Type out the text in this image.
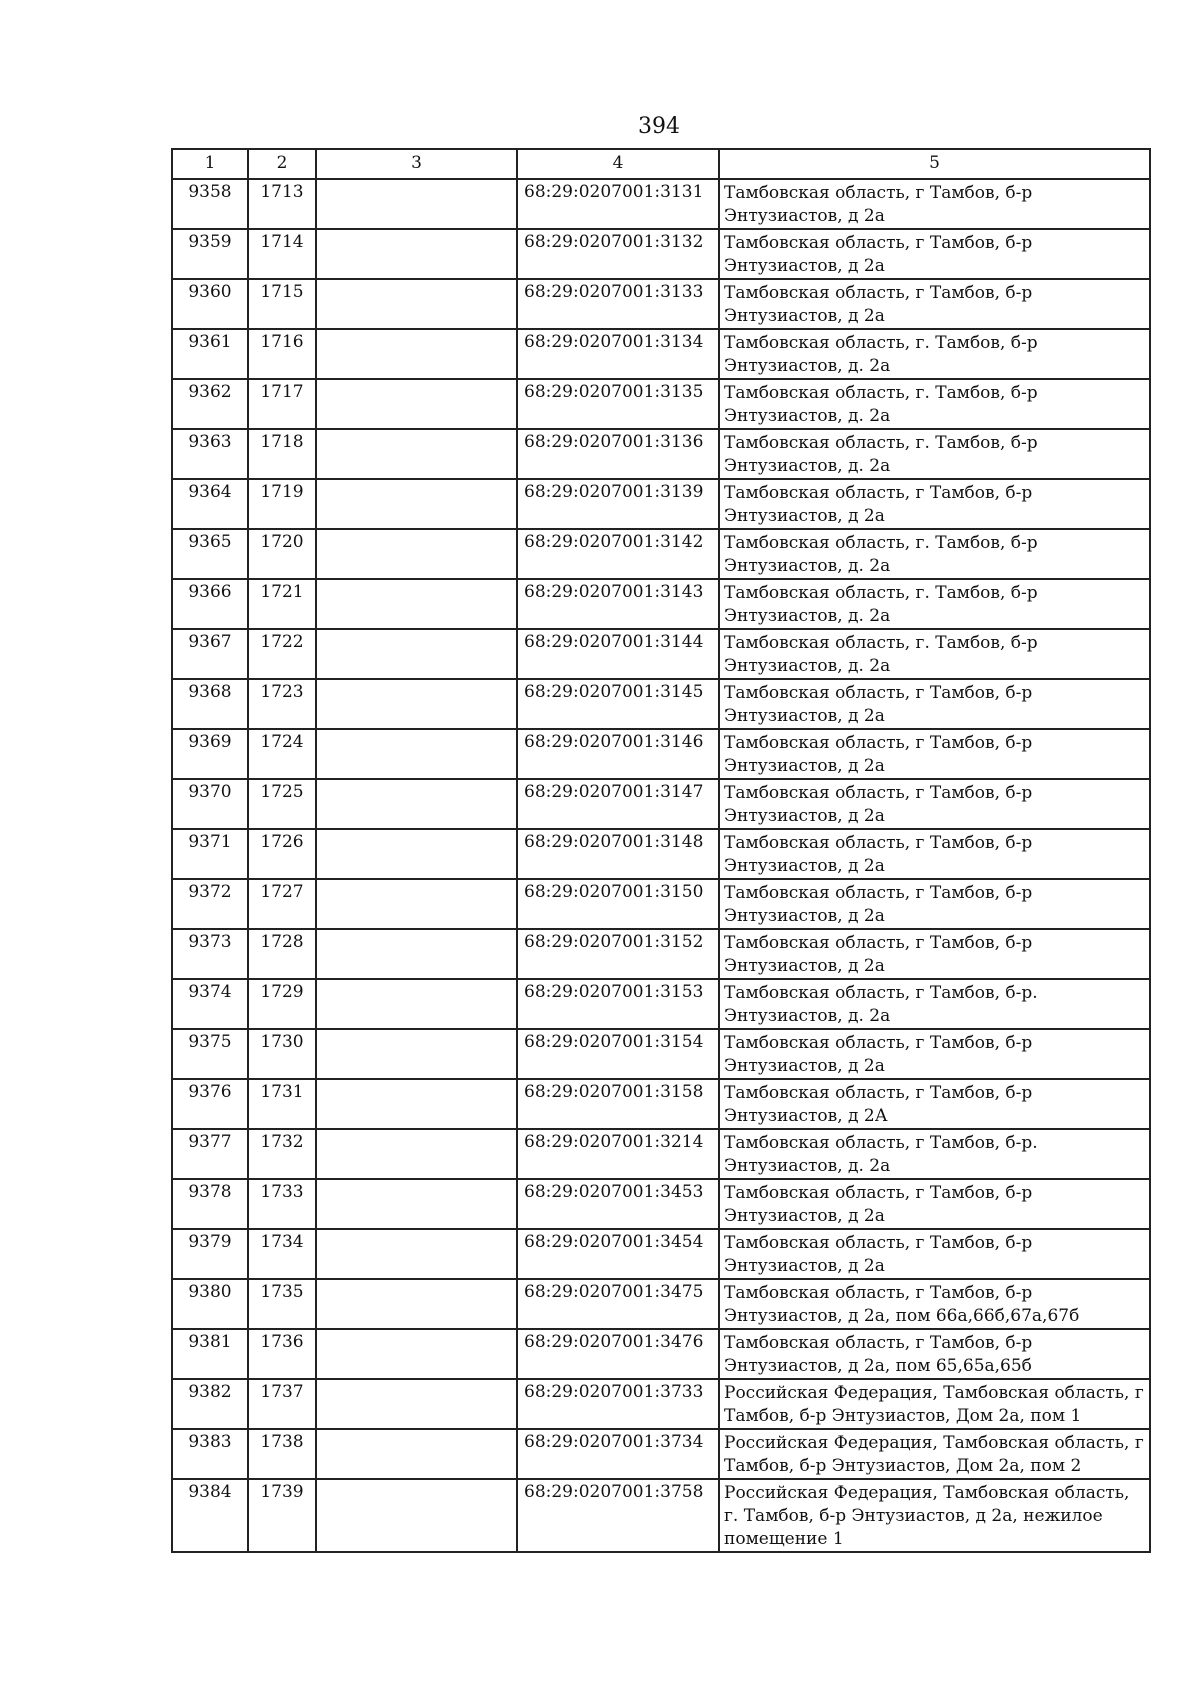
394
1	2	3	4	5
9358	1713		68:29:0207001:3131	Тамбовская область, г Тамбов, б-р Энтузиастов, д 2а
9359	1714		68:29:0207001:3132	Тамбовская область, г Тамбов, б-р Энтузиастов, д 2а
9360	1715		68:29:0207001:3133	Тамбовская область, г Тамбов, б-р Энтузиастов, д 2а
9361	1716		68:29:0207001:3134	Тамбовская область, г. Тамбов, б-р Энтузиастов, д. 2а
9362	1717		68:29:0207001:3135	Тамбовская область, г. Тамбов, б-р Энтузиастов, д. 2а
9363	1718		68:29:0207001:3136	Тамбовская область, г. Тамбов, б-р Энтузиастов, д. 2а
9364	1719		68:29:0207001:3139	Тамбовская область, г Тамбов, б-р Энтузиастов, д 2а
9365	1720		68:29:0207001:3142	Тамбовская область, г. Тамбов, б-р Энтузиастов, д. 2а
9366	1721		68:29:0207001:3143	Тамбовская область, г. Тамбов, б-р Энтузиастов, д. 2а
9367	1722		68:29:0207001:3144	Тамбовская область, г. Тамбов, б-р Энтузиастов, д. 2а
9368	1723		68:29:0207001:3145	Тамбовская область, г Тамбов, б-р Энтузиастов, д 2а
9369	1724		68:29:0207001:3146	Тамбовская область, г Тамбов, б-р Энтузиастов, д 2а
9370	1725		68:29:0207001:3147	Тамбовская область, г Тамбов, б-р Энтузиастов, д 2а
9371	1726		68:29:0207001:3148	Тамбовская область, г Тамбов, б-р Энтузиастов, д 2а
9372	1727		68:29:0207001:3150	Тамбовская область, г Тамбов, б-р Энтузиастов, д 2а
9373	1728		68:29:0207001:3152	Тамбовская область, г Тамбов, б-р Энтузиастов, д 2а
9374	1729		68:29:0207001:3153	Тамбовская область, г Тамбов, б-р. Энтузиастов, д. 2а
9375	1730		68:29:0207001:3154	Тамбовская область, г Тамбов, б-р Энтузиастов, д 2а
9376	1731		68:29:0207001:3158	Тамбовская область, г Тамбов, б-р Энтузиастов, д 2А
9377	1732		68:29:0207001:3214	Тамбовская область, г Тамбов, б-р. Энтузиастов, д. 2а
9378	1733		68:29:0207001:3453	Тамбовская область, г Тамбов, б-р Энтузиастов, д 2а
9379	1734		68:29:0207001:3454	Тамбовская область, г Тамбов, б-р Энтузиастов, д 2а
9380	1735		68:29:0207001:3475	Тамбовская область, г Тамбов, б-р Энтузиастов, д 2а, пом 66а,66б,67а,67б
9381	1736		68:29:0207001:3476	Тамбовская область, г Тамбов, б-р Энтузиастов, д 2а, пом 65,65а,65б
9382	1737		68:29:0207001:3733	Российская Федерация, Тамбовская область, г Тамбов, б-р Энтузиастов, Дом 2а, пом 1
9383	1738		68:29:0207001:3734	Российская Федерация, Тамбовская область, г Тамбов, б-р Энтузиастов, Дом 2а, пом 2
9384	1739		68:29:0207001:3758	Российская Федерация, Тамбовская область, г. Тамбов, б-р Энтузиастов, д 2а, нежилое помещение 1
